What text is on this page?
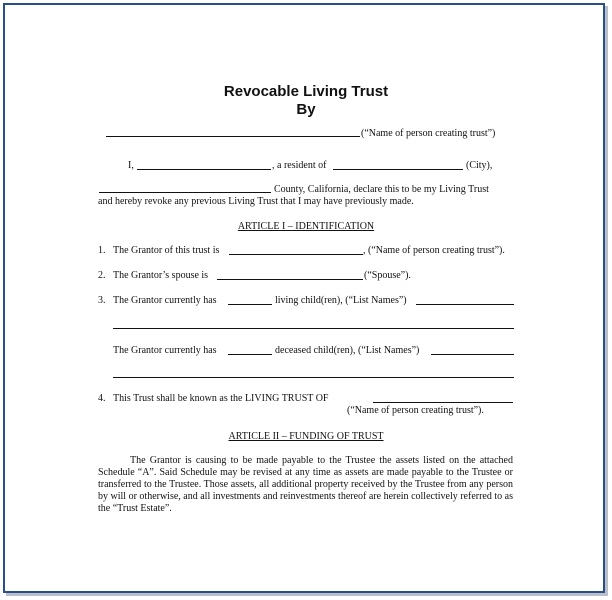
Revocable Living Trust
By
(“Name of person creating trust”)
I,	, a resident of	(City),
County, California, declare this to be my Living Trust
and hereby revoke any previous Living Trust that I may have previously made.
ARTICLE I – IDENTIFICATION
1. The Grantor of this trust is	, (“Name of person creating trust”).
2. The Grantor’s spouse is	(“Spouse”).
3. The Grantor currently has	living child(ren), (“List Names”)
The Grantor currently has	deceased child(ren), (“List Names”)
4. This Trust shall be known as the LIVING TRUST OF
(“Name of person creating trust”).
ARTICLE II – FUNDING OF TRUST
The Grantor is causing to be made payable to the Trustee the assets listed on the attached Schedule “A”. Said Schedule may be revised at any time as assets are made payable to the Trustee or transferred to the Trustee. Those assets, all additional property received by the Trustee from any person by will or otherwise, and all investments and reinvestments thereof are herein collectively referred to as the “Trust Estate”.
